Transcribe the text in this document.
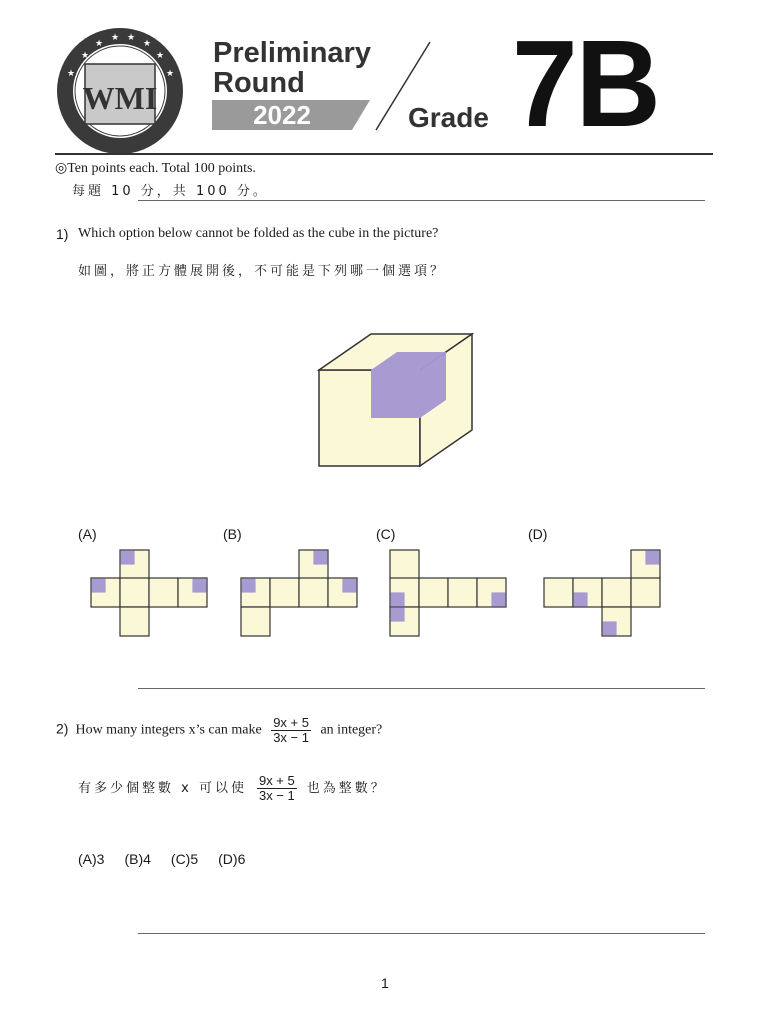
★
★
★ ★
★
★
★	★
WMI
Preliminary
Round
2022	Grade 7B
◎Ten points each. Total 100 points.
每題 10 分，共 100 分。
1) Which option below cannot be folded as the cube in the picture?
如圖，將正方體展開後，不可能是下列哪一個選項？
(A)	(B)	(C)	(D)
2) How many integers x’s can make $\frac{9x + 5}{3x - 1}$ an integer?
有多少個整數 x 可以使 $\frac{9x + 5}{3x - 1}$ 也為整數？
(A)3 (B)4 (C)5 (D)6
1
